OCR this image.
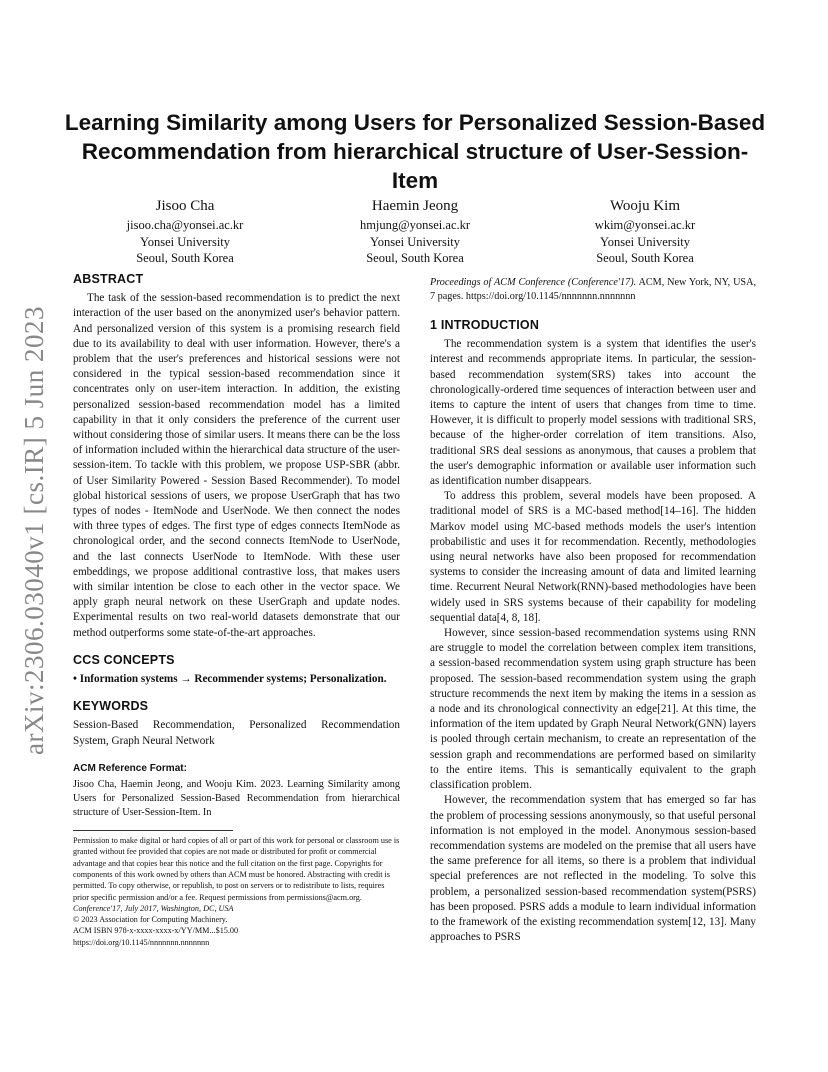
arXiv:2306.03040v1 [cs.IR] 5 Jun 2023
Learning Similarity among Users for Personalized Session-Based Recommendation from hierarchical structure of User-Session-Item
Jisoo Cha
jisoo.cha@yonsei.ac.kr
Yonsei University
Seoul, South Korea
Haemin Jeong
hmjung@yonsei.ac.kr
Yonsei University
Seoul, South Korea
Wooju Kim
wkim@yonsei.ac.kr
Yonsei University
Seoul, South Korea
ABSTRACT

The task of the session-based recommendation is to predict the next interaction of the user based on the anonymized user's behavior pattern. And personalized version of this system is a promising research field due to its availability to deal with user information. However, there's a problem that the user's preferences and historical sessions were not considered in the typical session-based recommendation since it concentrates only on user-item interaction. In addition, the existing personalized session-based recommendation model has a limited capability in that it only considers the preference of the current user without considering those of similar users. It means there can be the loss of information included within the hierarchical data structure of the user-session-item. To tackle with this problem, we propose USP-SBR (abbr. of User Similarity Powered - Session Based Recommender). To model global historical sessions of users, we propose UserGraph that has two types of nodes - ItemNode and UserNode. We then connect the nodes with three types of edges. The first type of edges connects ItemNode as chronological order, and the second connects ItemNode to UserNode, and the last connects UserNode to ItemNode. With these user embeddings, we propose additional contrastive loss, that makes users with similar intention be close to each other in the vector space. We apply graph neural network on these UserGraph and update nodes. Experimental results on two real-world datasets demonstrate that our method outperforms some state-of-the-art approaches.

CCS CONCEPTS

• Information systems → Recommender systems; Personalization.

KEYWORDS

Session-Based Recommendation, Personalized Recommendation System, Graph Neural Network

ACM Reference Format:

Jisoo Cha, Haemin Jeong, and Wooju Kim. 2023. Learning Similarity among Users for Personalized Session-Based Recommendation from hierarchical structure of User-Session-Item. In

Permission to make digital or hard copies of all or part of this work for personal or classroom use is granted without fee provided that copies are not made or distributed for profit or commercial advantage and that copies bear this notice and the full citation on the first page. Copyrights for components of this work owned by others than ACM must be honored. Abstracting with credit is permitted. To copy otherwise, or republish, to post on servers or to redistribute to lists, requires prior specific permission and/or a fee. Request permissions from permissions@acm.org.
Conference'17, July 2017, Washington, DC, USA
© 2023 Association for Computing Machinery.
ACM ISBN 978-x-xxxx-xxxx-x/YY/MM...$15.00
https://doi.org/10.1145/nnnnnnn.nnnnnnn

Proceedings of ACM Conference (Conference'17). ACM, New York, NY, USA, 7 pages. https://doi.org/10.1145/nnnnnnn.nnnnnnn

1 INTRODUCTION

The recommendation system is a system that identifies the user's interest and recommends appropriate items. In particular, the session-based recommendation system(SRS) takes into account the chronologically-ordered time sequences of interaction between user and items to capture the intent of users that changes from time to time. However, it is difficult to properly model sessions with traditional SRS, because of the higher-order correlation of item transitions. Also, traditional SRS deal sessions as anonymous, that causes a problem that the user's demographic information or available user information such as identification number disappears.

To address this problem, several models have been proposed. A traditional model of SRS is a MC-based method[14–16]. The hidden Markov model using MC-based methods models the user's intention probabilistic and uses it for recommendation. Recently, methodologies using neural networks have also been proposed for recommendation systems to consider the increasing amount of data and limited learning time. Recurrent Neural Network(RNN)-based methodologies have been widely used in SRS systems because of their capability for modeling sequential data[4, 8, 18].

However, since session-based recommendation systems using RNN are struggle to model the correlation between complex item transitions, a session-based recommendation system using graph structure has been proposed. The session-based recommendation system using the graph structure recommends the next item by making the items in a session as a node and its chronological connectivity an edge[21]. At this time, the information of the item updated by Graph Neural Network(GNN) layers is pooled through certain mechanism, to create an representation of the session graph and recommendations are performed based on similarity to the entire items. This is semantically equivalent to the graph classification problem.

However, the recommendation system that has emerged so far has the problem of processing sessions anonymously, so that useful personal information is not employed in the model. Anonymous session-based recommendation systems are modeled on the premise that all users have the same preference for all items, so there is a problem that individual special preferences are not reflected in the modeling. To solve this problem, a personalized session-based recommendation system(PSRS) has been proposed. PSRS adds a module to learn individual information to the framework of the existing recommendation system[12, 13]. Many approaches to PSRS
